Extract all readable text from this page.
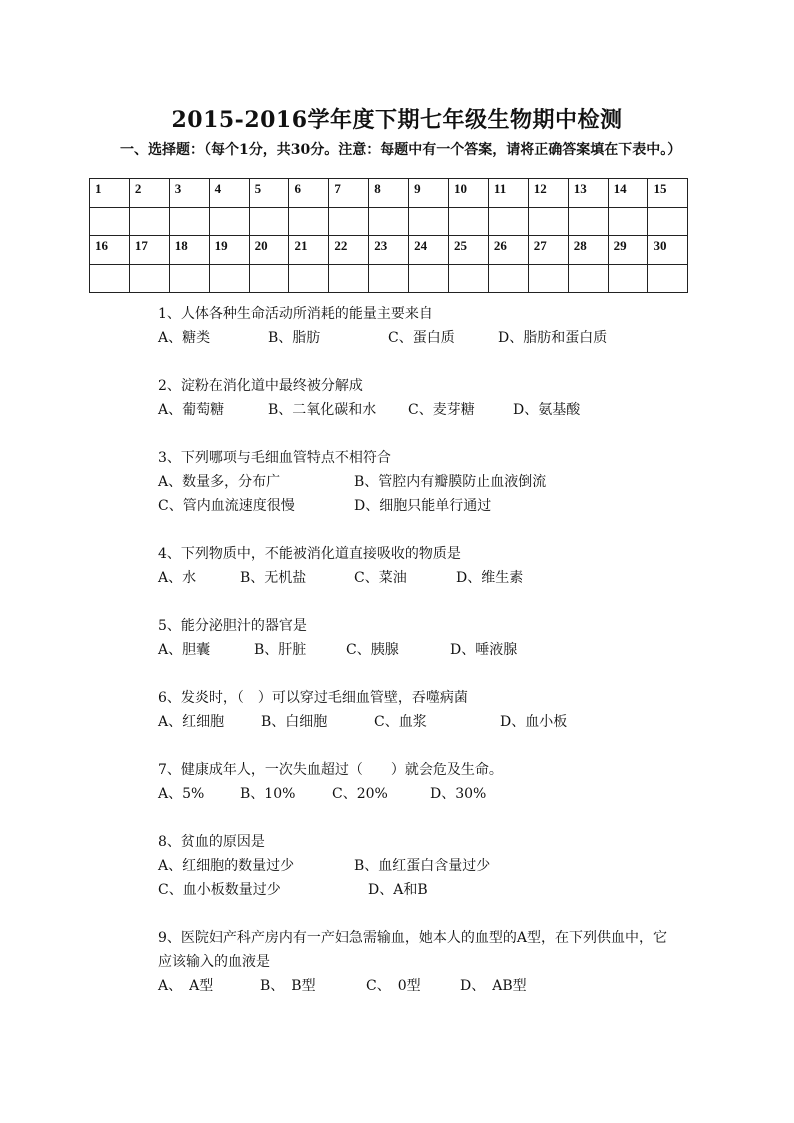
2015-2016学年度下期七年级生物期中检测
一、选择题：（每个1分，共30分。注意：每题中有一个答案，请将正确答案填在下表中。）
1	2	3	4	5	6	7	8	9	10	11	12	13	14	15

16	17	18	19	20	21	22	23	24	25	26	27	28	29	30

1、人体各种生命活动所消耗的能量主要来自
A、糖类	B、脂肪	C、蛋白质	D、脂肪和蛋白质
2、淀粉在消化道中最终被分解成
A、葡萄糖	B、二氧化碳和水 C、麦芽糖	D、氨基酸
3、下列哪项与毛细血管特点不相符合
A、数量多，分布广	B、管腔内有瓣膜防止血液倒流
C、管内血流速度很慢	D、细胞只能单行通过
4、下列物质中，不能被消化道直接吸收的物质是
A、水	B、无机盐	C、菜油	D、维生素
5、能分泌胆汁的器官是
A、胆囊	B、肝脏	C、胰腺	D、唾液腺
6、发炎时，（　）可以穿过毛细血管壁，吞噬病菌
A、红细胞	B、白细胞	C、血浆	D、血小板
7、健康成年人，一次失血超过（　　）就会危及生命。
A、5%	B、10%	C、20%	D、30%
8、贫血的原因是
A、红细胞的数量过少	B、血红蛋白含量过少
C、血小板数量过少	D、A和B
9、医院妇产科产房内有一产妇急需输血，她本人的血型的A型，在下列供血中，它
应该输入的血液是
A、　A型	B、　B型	C、　0型	D、　AB型
